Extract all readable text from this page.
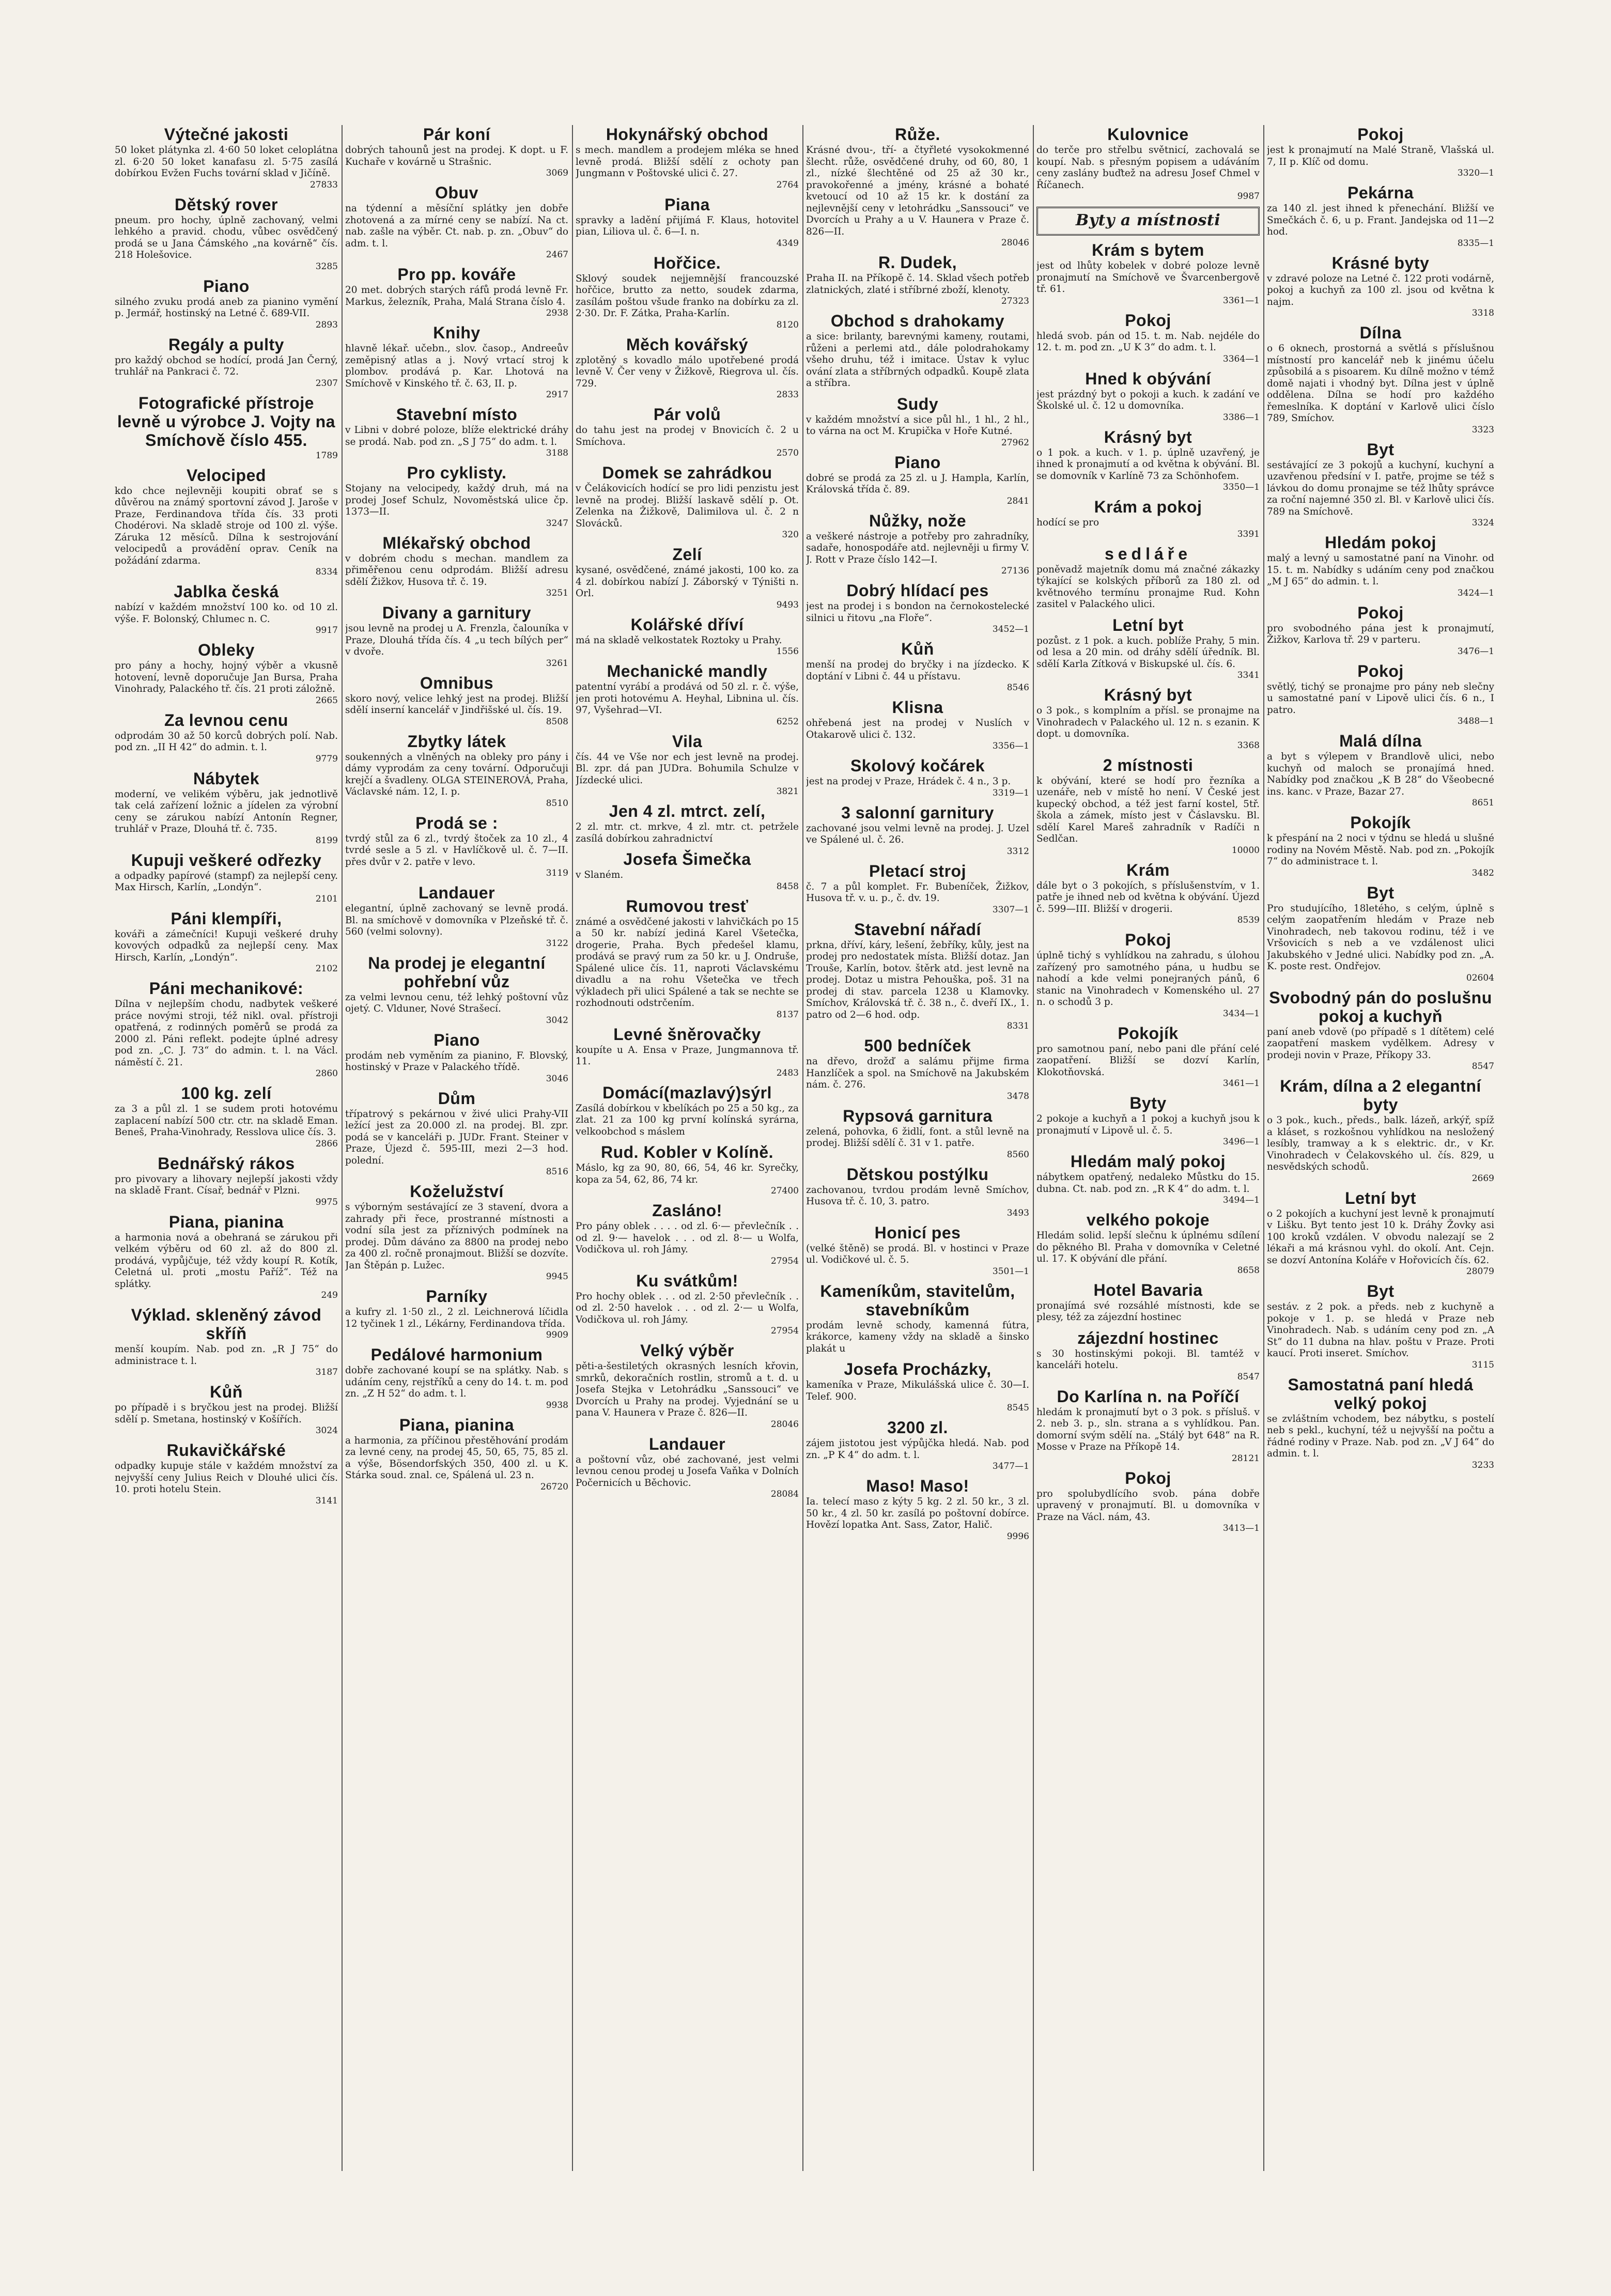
Výtečné jakosti

50 loket plátynka zl. 4·60 50 loket celoplátna zl. 6·20 50 loket kanafasu zl. 5·75 zasílá dobírkou Evžen Fuchs tovární sklad v Jičíně.

27833

Dětský rover

pneum. pro hochy, úplně zachovaný, velmi lehkého a pravid. chodu, vůbec osvědčený prodá se u Jana Čámského „na kovárně“ čís. 218 Holešovice.

3285

Piano

silného zvuku prodá aneb za pianino vymění p. Jermář, hostinský na Letné č. 689-VII.

2893

Regály a pulty

pro každý obchod se hodící, prodá Jan Černý, truhlář na Pankraci č. 72.

2307

Fotografické přístroje levně u výrobce J. Vojty na Smíchově číslo 455.

1789

Velociped

kdo chce nejlevněji koupiti obrať se s důvěrou na známý sportovní závod J. Jaroše v Praze, Ferdinandova třída čís. 33 proti Chodérovi. Na skladě stroje od 100 zl. výše. Záruka 12 měsíců. Dílna k sestrojování velocipedů a provádění oprav. Ceník na požádání zdarma.

8334

Jablka česká

nabízí v každém množství 100 ko. od 10 zl. výše. F. Bolonský, Chlumec n. C.

9917

Obleky

pro pány a hochy, hojný výběr a vkusně hotovení, levně doporučuje Jan Bursa, Praha Vinohrady, Palackého tř. čís. 21 proti záložně.

2665

Za levnou cenu

odprodám 30 až 50 korců dobrých polí. Nab. pod zn. „II H 42“ do admin. t. l.

9779

Nábytek

moderní, ve velikém výběru, jak jednotlivě tak celá zařízení ložnic a jídelen za výrobní ceny se zárukou nabízí Antonín Regner, truhlář v Praze, Dlouhá tř. č. 735.

8199

Kupuji veškeré odřezky

a odpadky papírové (stampf) za nejlepší ceny. Max Hirsch, Karlín, „Londýn“.

2101

Páni klempíři,

kováři a zámečníci! Kupuji veškeré druhy kovových odpadků za nejlepší ceny. Max Hirsch, Karlín, „Londýn“.

2102

Páni mechanikové:

Dílna v nejlepším chodu, nadbytek veškeré práce novými stroji, též nikl. oval. přístroji opatřená, z rodinných poměrů se prodá za 2000 zl. Páni reflekt. podejte úplné adresy pod zn. „C. J. 73“ do admin. t. l. na Václ. náměstí č. 21.

2860

100 kg. zelí

za 3 a půl zl. 1 se sudem proti hotovému zaplacení nabízí 500 ctr. ctr. na skladě Eman. Beneš, Praha-Vinohrady, Resslova ulice čís. 3.

2866

Bednářský rákos

pro pivovary a lihovary nejlepší jakosti vždy na skladě Frant. Císař, bednář v Plzni.

9975

Piana, pianina

a harmonia nová a obehraná se zárukou při velkém výběru od 60 zl. až do 800 zl. prodává, vypůjčuje, též vždy koupí R. Kotík, Celetná ul. proti „mostu Paříž“. Též na splátky.

249

Výklad. skleněný závod skříň

menší koupím. Nab. pod zn. „R J 75“ do administrace t. l.

3187

Kůň

po případě i s bryčkou jest na prodej. Bližší sdělí p. Smetana, hostinský v Košířích.

3024

Rukavičkářské

odpadky kupuje stále v každém množství za nejvyšší ceny Julius Reich v Dlouhé ulici čís. 10. proti hotelu Stein.

3141

Pár koní

dobrých tahounů jest na prodej. K dopt. u F. Kuchaře v kovárně u Strašnic.

3069

Obuv

na týdenní a měsíční splátky jen dobře zhotovená a za mírné ceny se nabízí. Na ct. nab. zašle na výběr. Ct. nab. p. zn. „Obuv“ do adm. t. l.

2467

Pro pp. kováře

20 met. dobrých starých ráfů prodá levně Fr. Markus, železník, Praha, Malá Strana číslo 4.

2938

Knihy

hlavně lékař. učebn., slov. časop., Andreeův zeměpisný atlas a j. Nový vrtací stroj k plombov. prodává p. Kar. Lhotová na Smíchově v Kinského tř. č. 63, II. p.

2917

Stavební místo

v Libni v dobré poloze, blíže elektrické dráhy se prodá. Nab. pod zn. „S J 75“ do adm. t. l.

3188

Pro cyklisty.

Stojany na velocipedy, každý druh, má na prodej Josef Schulz, Novoměstská ulice čp. 1373—II.

3247

Mlékařský obchod

v dobrém chodu s mechan. mandlem za přiměřenou cenu odprodám. Bližší adresu sdělí Žižkov, Husova tř. č. 19.

3251

Divany a garnitury

jsou levně na prodej u A. Frenzla, čalouníka v Praze, Dlouhá třída čís. 4 „u tech bílých per“ v dvoře.

3261

Omnibus

skoro nový, velice lehký jest na prodej. Bližší sdělí inserní kancelář v Jindřišské ul. čís. 19.

8508

Zbytky látek

soukenných a vlněných na obleky pro pány i dámy vyprodám za ceny tovární. Odporučuji krejčí a švadleny. OLGA STEINEROVÁ, Praha, Václavské nám. 12, I. p.

8510

Prodá se :

tvrdý stůl za 6 zl., tvrdý štoček za 10 zl., 4 tvrdé sesle a 5 zl. v Havlíčkově ul. č. 7—II. přes dvůr v 2. patře v levo.

3119

Landauer

elegantní, úplně zachovaný se levně prodá. Bl. na smíchově v domovníka v Plzeňské tř. č. 560 (velmi solovny).

3122

Na prodej je elegantní pohřební vůz

za velmi levnou cenu, též lehký poštovní vůz ojetý. C. Vlduner, Nové Strašecí.

3042

Piano

prodám neb vyměním za pianino, F. Blovský, hostinský v Praze v Palackého třídě.

3046

Dům

třípatrový s pekárnou v živé ulici Prahy-VII ležící jest za 20.000 zl. na prodej. Bl. zpr. podá se v kanceláři p. JUDr. Frant. Steiner v Praze, Újezd č. 595-III, mezi 2—3 hod. polední.

8516

Koželužství

s výborným sestávající ze 3 stavení, dvora a zahrady při řece, prostranné místnosti a vodní síla jest za příznivých podmínek na prodej. Dům dáváno za 8800 na prodej nebo za 400 zl. ročně pronajmout. Bližší se dozvíte. Jan Štěpán p. Lužec.

9945

Parníky

a kufry zl. 1·50 zl., 2 zl. Leichnerová líčidla 12 tyčinek 1 zl., Lékárny, Ferdinandova třída.

9909

Pedálové harmonium

dobře zachované koupí se na splátky. Nab. s udáním ceny, rejstříků a ceny do 14. t. m. pod zn. „Z H 52“ do adm. t. l.

9938

Piana, pianina

a harmonia, za příčinou přestěhování prodám za levné ceny, na prodej 45, 50, 65, 75, 85 zl. a výše, Bösendorfských 350, 400 zl. u K. Stárka soud. znal. ce, Spálená ul. 23 n.

26720

Hokynářský obchod

s mech. mandlem a prodejem mléka se hned levně prodá. Bližší sdělí z ochoty pan Jungmann v Poštovské ulici č. 27.

2764

Piana

spravky a ladění přijímá F. Klaus, hotovitel pian, Liliova ul. č. 6—I. n.

4349

Hořčice.

Sklový soudek nejjemnější francouzské hořčice, brutto za netto, soudek zdarma, zasílám poštou všude franko na dobírku za zl. 2·30. Dr. F. Zátka, Praha-Karlín.

8120

Měch kovářský

zplotěný s kovadlo málo upotřebené prodá levně V. Čer veny v Žižkově, Riegrova ul. čís. 729.

2833

Pár volů

do tahu jest na prodej v Bnovicích č. 2 u Smíchova.

2570

Domek se zahrádkou

v Čelákovicích hodící se pro lidi penzistu jest levně na prodej. Bližší laskavě sdělí p. Ot. Zelenka na Žižkově, Dalimilova ul. č. 2 n Slovácků.

320

Zelí

kysané, osvědčené, známé jakosti, 100 ko. za 4 zl. dobírkou nabízí J. Záborský v Týništi n. Orl.

9493

Kolářské dříví

má na skladě velkostatek Roztoky u Prahy.

1556

Mechanické mandly

patentní vyrábí a prodává od 50 zl. r. č. výše, jen proti hotovému A. Heyhal, Libnina ul. čís. 97, Vyšehrad—VI.

6252

Vila

čís. 44 ve Vše nor ech jest levně na prodej. Bl. zpr. dá pan JUDra. Bohumila Schulze v Jízdecké ulici.

3821

Jen 4 zl. mtrct. zelí,

2 zl. mtr. ct. mrkve, 4 zl. mtr. ct. petržele zasílá dobírkou zahradnictví

Josefa Šimečka

v Slaném.

8458

Rumovou tresť

známé a osvědčené jakosti v lahvičkách po 15 a 50 kr. nabízí jediná Karel Všetečka, drogerie, Praha. Bych předešel klamu, prodává se pravý rum za 50 kr. u J. Ondruše, Spálené ulice čís. 11, naproti Václavskému divadlu a na rohu Všetečka ve třech výkladech při ulici Spálené a tak se nechte se rozhodnouti odstrčením.

8137

Levné šněrovačky

koupíte u A. Ensa v Praze, Jungmannova tř. 11.

2483

Domácí(mazlavý)sýrl

Zasílá dobírkou v kbelíkách po 25 a 50 kg., za zlat. 21 za 100 kg první kolínská syrárna, velkoobchod s máslem

Rud. Kobler v Kolíně.

Máslo, kg za 90, 80, 66, 54, 46 kr. Syrečky, kopa za 54, 62, 86, 74 kr.

27400

Zasláno!

Pro pány oblek . . . . od zl. 6·— převlečník . . od zl. 9·— havelok . . . od zl. 8·— u Wolfa, Vodičkova ul. roh Jámy.

27954

Ku svátkům!

Pro hochy oblek . . . od zl. 2·50 převlečník . . od zl. 2·50 havelok . . . od zl. 2·— u Wolfa, Vodičkova ul. roh Jámy.

27954

Velký výběr

pěti-a-šestiletých okrasných lesních křovin, smrků, dekoračních rostlin, stromů a t. d. u Josefa Stejka v Letohrádku „Sanssouci“ ve Dvorcích u Prahy na prodej. Vyjednání se u pana V. Haunera v Praze č. 826—II.

28046

Landauer

a poštovní vůz, obé zachované, jest velmi levnou cenou prodej u Josefa Vaňka v Dolních Počernicích u Běchovic.

28084

Růže.

Krásné dvou-, tří- a čtyřleté vysokokmenné šlecht. růže, osvědčené druhy, od 60, 80, 1 zl., nízké šlechtěné od 25 až 30 kr., pravokořenné a jmény, krásné a bohaté kvetoucí od 10 až 15 kr. k dostání za nejlevnější ceny v letohrádku „Sanssouci“ ve Dvorcích u Prahy a u V. Haunera v Praze č. 826—II.

28046

R. Dudek,

Praha II. na Příkopě č. 14. Sklad všech potřeb zlatnických, zlaté i stříbrné zboží, klenoty.

27323

Obchod s drahokamy

a sice: brilanty, barevnými kameny, routami, růženi a perlemi atd., dále polodrahokamy všeho druhu, též i imitace. Ústav k vyluc ování zlata a stříbrných odpadků. Koupě zlata a stříbra.

Sudy

v každém množství a sice půl hl., 1 hl., 2 hl., to várna na oct M. Krupička v Hoře Kutné.

27962

Piano

dobré se prodá za 25 zl. u J. Hampla, Karlín, Královská třída č. 89.

2841

Nůžky, nože

a veškeré nástroje a potřeby pro zahradníky, sadaře, honospodáře atd. nejlevněji u firmy V. J. Rott v Praze číslo 142—I.

27136

Dobrý hlídací pes

jest na prodej i s bondon na černokostelecké silnici u řitovu „na Floře“.

3452—1

Kůň

menší na prodej do bryčky i na jízdecko. K doptání v Libni č. 44 u přístavu.

8546

Klisna

ohřebená jest na prodej v Nuslích v Otakarově ulici č. 132.

3356—1

Skolový kočárek

jest na prodej v Praze, Hrádek č. 4 n., 3 p.

3319—1

3 salonní garnitury

zachované jsou velmi levně na prodej. J. Uzel ve Spálené ul. č. 26.

3312

Pletací stroj

č. 7 a půl komplet. Fr. Bubeníček, Žižkov, Husova tř. v. u. p., č. dv. 19.

3307—1

Stavební nářadí

prkna, dříví, káry, lešení, žebříky, kůly, jest na prodej pro nedostatek místa. Bližší dotaz. Jan Trouše, Karlín, botov. štěrk atd. jest levně na prodej. Dotaz u mistra Pehouška, poš. 31 na prodej di stav. parcela 1238 u Klamovky. Smíchov, Královská tř. č. 38 n., č. dveří IX., 1. patro od 2—6 hod. odp.

8331

500 bedníček

na dřevo, drožď a salámu přijme firma Hanzlíček a spol. na Smíchově na Jakubském nám. č. 276.

3478

Rypsová garnitura

zelená, pohovka, 6 židlí, font. a stůl levně na prodej. Bližší sdělí č. 31 v 1. patře.

8560

Dětskou postýlku

zachovanou, tvrdou prodám levně Smíchov, Husova tř. č. 10, 3. patro.

3493

Honicí pes

(velké štěně) se prodá. Bl. v hostinci v Praze ul. Vodičkové ul. č. 5.

3501—1

Kameníkům, stavitelům, stavebníkům

prodám levně schody, kamenná fútra, krákorce, kameny vždy na skladě a šinsko plakát u

Josefa Procházky,

kameníka v Praze, Mikulášská ulice č. 30—I. Telef. 900.

8545

3200 zl.

zájem jistotou jest výpůjčka hledá. Nab. pod zn. „P K 4“ do adm. t. l.

3477—1

Maso! Maso!

Ia. telecí maso z kýty 5 kg. 2 zl. 50 kr., 3 zl. 50 kr., 4 zl. 50 kr. zasílá po poštovní dobírce. Hovězí lopatka Ant. Sass, Zator, Halič.

9996

Kulovnice

do terče pro střelbu světnicí, zachovalá se koupí. Nab. s přesným popisem a udáváním ceny zaslány buďtež na adresu Josef Chmel v Říčanech.

9987

Byty a místnosti
Krám s bytem

jest od lhůty kobelek v dobré poloze levně pronajmutí na Smíchově ve Švarcenbergově tř. 61.

3361—1

Pokoj

hledá svob. pán od 15. t. m. Nab. nejdéle do 12. t. m. pod zn. „U K 3“ do adm. t. l.

3364—1

Hned k obývání

jest prázdný byt o pokoji a kuch. k zadání ve Školské ul. č. 12 u domovníka.

3386—1

Krásný byt

o 1 pok. a kuch. v 1. p. úplně uzavřený, je ihned k pronajmutí a od května k obývání. Bl. se domovník v Karlíně 73 za Schönhofem.

3350—1

Krám a pokoj

hodící se pro

3391

sedláře

poněvadž majetník domu má značné zákazky týkající se kolských příborů za 180 zl. od květnového termínu pronajme Rud. Kohn zasitel v Palackého ulici.

Letní byt

pozůst. z 1 pok. a kuch. poblíže Prahy, 5 min. od lesa a 20 min. od dráhy sdělí úředník. Bl. sdělí Karla Zítková v Biskupské ul. čís. 6.

3341

Krásný byt

o 3 pok., s komplním a přísl. se pronajme na Vinohradech v Palackého ul. 12 n. s ezanin. K dopt. u domovníka.

3368

2 místnosti

k obývání, které se hodí pro řezníka a uzenáře, neb v místě ho není. V České jest kupecký obchod, a též jest farní kostel, 5tř. škola a zámek, místo jest v Čáslavsku. Bl. sdělí Karel Mareš zahradník v Radíči n Sedlčan.

10000

Krám

dále byt o 3 pokojích, s příslušenstvím, v 1. patře je ihned neb od května k obývání. Újezd č. 599—III. Bližší v drogerii.

8539

Pokoj

úplně tichý s vyhlídkou na zahradu, s úlohou zařízený pro samotného pána, u hudbu se nahodí a kde velmi ponejraných pánů, 6 stanic na Vinohradech v Komenského ul. 27 n. o schodů 3 p.

3434—1

Pokojík

pro samotnou paní, nebo pani dle přání celé zaopatření. Bližší se dozví Karlín, Klokotňovská.

3461—1

Byty

2 pokoje a kuchyň a 1 pokoj a kuchyň jsou k pronajmutí v Lipově ul. č. 5.

3496—1

Hledám malý pokoj

nábytkem opatřený, nedaleko Můstku do 15. dubna. Ct. nab. pod zn. „R K 4“ do adm. t. l.

3494—1

velkého pokoje

Hledám solid. lepší slečnu k úplnému sdílení do pěkného Bl. Praha v domovníka v Celetné ul. 17. K obývání dle přání.

8658

Hotel Bavaria

pronajímá své rozsáhlé místnosti, kde se plesy, též za zájezdní hostinec

zájezdní hostinec

s 30 hostinskými pokoji. Bl. tamtéž v kanceláři hotelu.

8547

Do Karlína n. na Poříčí

hledám k pronajmutí byt o 3 pok. s přísluš. v 2. neb 3. p., sln. strana a s vyhlídkou. Pan. domorní svým sdělí na. „Stálý byt 648“ na R. Mosse v Praze na Příkopě 14.

28121

Pokoj

pro spolubydlícího svob. pána dobře upravený v pronajmutí. Bl. u domovníka v Praze na Václ. nám, 43.

3413—1

Pokoj

jest k pronajmutí na Malé Straně, Vlašská ul. 7, II p. Klíč od domu.

3320—1

Pekárna

za 140 zl. jest ihned k přenechání. Bližší ve Smečkách č. 6, u p. Frant. Jandejska od 11—2 hod.

8335—1

Krásné byty

v zdravé poloze na Letné č. 122 proti vodárně, pokoj a kuchyň za 100 zl. jsou od května k najm.

3318

Dílna

o 6 oknech, prostorná a světlá s příslušnou místností pro kancelář neb k jinému účelu způsobilá a s pisoarem. Ku dílně možno v témž domě najati i vhodný byt. Dílna jest v úplně oddělena. Dílna se hodí pro každého řemeslníka. K doptání v Karlově ulici číslo 789, Smíchov.

3323

Byt

sestávající ze 3 pokojů a kuchyní, kuchyní a uzavřenou předsíní v I. patře, projme se též s lávkou do domu pronajme se též lhůty správce za roční najemné 350 zl. Bl. v Karlově ulici čís. 789 na Smíchově.

3324

Hledám pokoj

malý a levný u samostatné paní na Vinohr. od 15. t. m. Nabídky s udáním ceny pod značkou „M J 65“ do admin. t. l.

3424—1

Pokoj

pro svobodného pána jest k pronajmutí, Žižkov, Karlova tř. 29 v parteru.

3476—1

Pokoj

světlý, tichý se pronajme pro pány neb slečny u samostatné paní v Lipově ulici čís. 6 n., I patro.

3488—1

Malá dílna

a byt s výlepem v Brandlově ulici, nebo kuchyň od maloch se pronajímá hned. Nabídky pod značkou „K B 28“ do Všeobecné ins. kanc. v Praze, Bazar 27.

8651

Pokojík

k přespání na 2 noci v týdnu se hledá u slušné rodiny na Novém Městě. Nab. pod zn. „Pokojík 7“ do administrace t. l.

3482

Byt

Pro studujícího, 18letého, s celým, úplně s celým zaopatřením hledám v Praze neb Vinohradech, neb takovou rodinu, též i ve Vršovicích s neb a ve vzdálenost ulici Jakubského v Jedné ulici. Nabídky pod zn. „A. K. poste rest. Ondřejov.

02604

Svobodný pán do poslušnu pokoj a kuchyň

paní aneb vdově (po případě s 1 dítětem) celé zaopatření maskem vydělkem. Adresy v prodeji novin v Praze, Příkopy 33.

8547

Krám, dílna a 2 elegantní byty

o 3 pok., kuch., předs., balk. lázeň, arkýř, spíž a kláset, s rozkošnou vyhlídkou na nesložený lesíbly, tramway a k s elektric. dr., v Kr. Vinohradech v Čelakovského ul. čís. 829, u nesvědských schodů.

2669

Letní byt

o 2 pokojích a kuchyní jest levně k pronajmutí v Lišku. Byt tento jest 10 k. Dráhy Žovky asi 100 kroků vzdálen. V obvodu nalezají se 2 lékaři a má krásnou vyhl. do okolí. Ant. Cejn. se dozví Antonína Koláře v Hořovicích čís. 62.

28079

Byt

sestáv. z 2 pok. a předs. neb z kuchyně a pokoje v 1. p. se hledá v Praze neb Vinohradech. Nab. s udáním ceny pod zn. „A St“ do 11 dubna na hlav. poštu v Praze. Proti kaucí. Proti inseret. Smíchov.

3115

Samostatná paní hledá velký pokoj

se zvláštním vchodem, bez nábytku, s postelí neb s pekl., kuchyní, též u nejvyšší na počtu a řádné rodiny v Praze. Nab. pod zn. „V J 64“ do admin. t. l.

3233
